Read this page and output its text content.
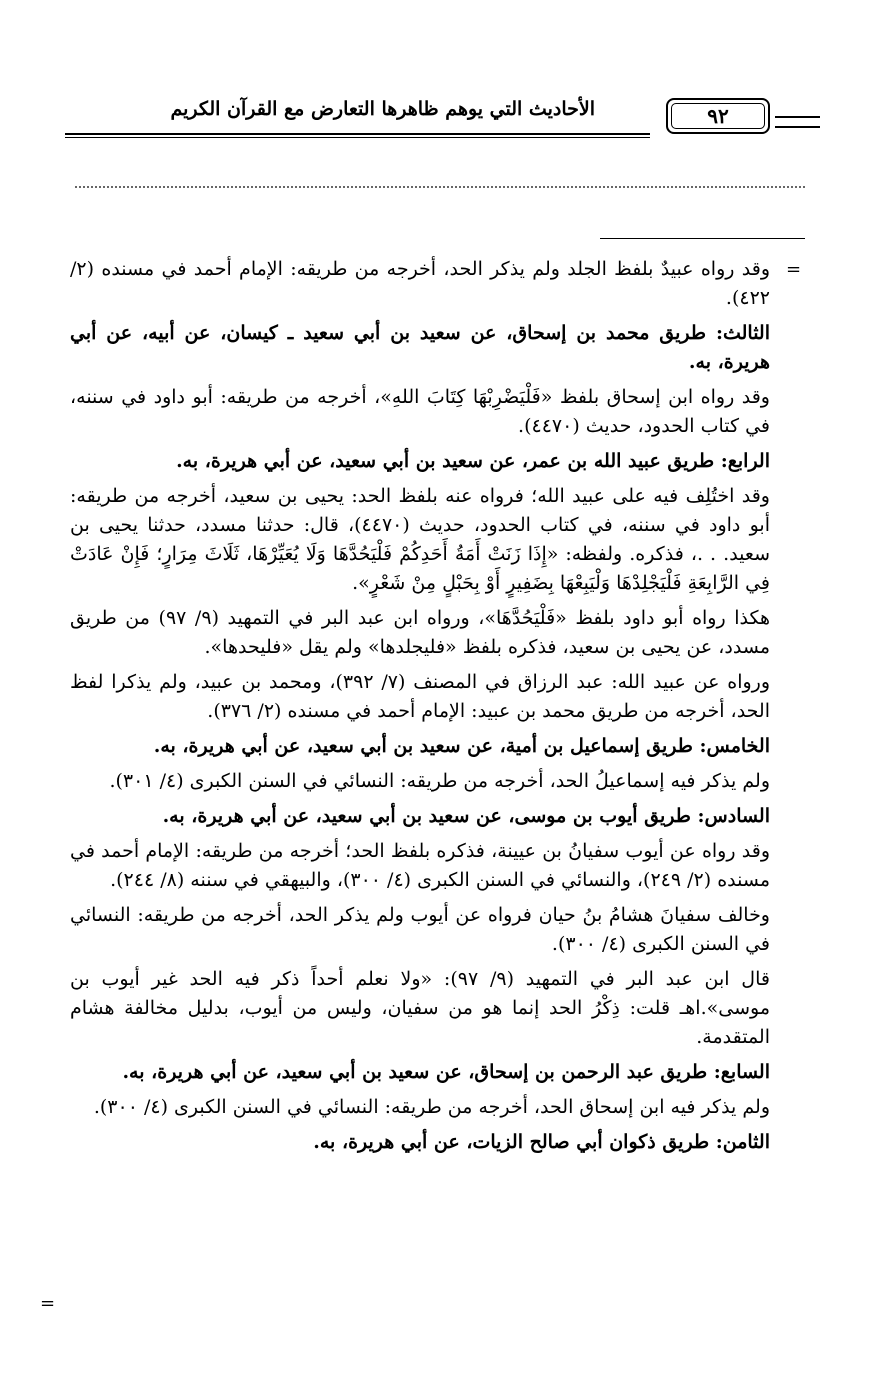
الأحاديث التي يوهم ظاهرها التعارض مع القرآن الكريم	٩٢
=

وقد رواه عبيدٌ بلفظ الجلد ولم يذكر الحد، أخرجه من طريقه: الإمام أحمد في مسنده (٢/ ٤٢٢).

الثالث: طريق محمد بن إسحاق، عن سعيد بن أبي سعيد ـ كيسان، عن أبيه، عن أبي هريرة، به.

وقد رواه ابن إسحاق بلفظ «فَلْيَضْرِبْهَا كِتَابَ اللهِ»، أخرجه من طريقه: أبو داود في سننه، في كتاب الحدود، حديث (٤٤٧٠).

الرابع: طريق عبيد الله بن عمر، عن سعيد بن أبي سعيد، عن أبي هريرة، به.

وقد اختُلِف فيه على عبيد الله؛ فرواه عنه بلفظ الحد: يحيى بن سعيد، أخرجه من طريقه: أبو داود في سننه، في كتاب الحدود، حديث (٤٤٧٠)، قال: حدثنا مسدد، حدثنا يحيى بن سعيد. . .، فذكره. ولفظه: «إِذَا زَنَتْ أَمَةُ أَحَدِكُمْ فَلْيَحُدَّهَا وَلَا يُعَيِّرْهَا، ثَلَاثَ مِرَارٍ؛ فَإِنْ عَادَتْ فِي الرَّابِعَةِ فَلْيَجْلِدْهَا وَلْيَبِعْهَا بِضَفِيرٍ أَوْ بِحَبْلٍ مِنْ شَعْرٍ».

هكذا رواه أبو داود بلفظ «فَلْيَحُدَّهَا»، ورواه ابن عبد البر في التمهيد (٩/ ٩٧) من طريق مسدد، عن يحيى بن سعيد، فذكره بلفظ «فليجلدها» ولم يقل «فليحدها».

ورواه عن عبيد الله: عبد الرزاق في المصنف (٧/ ٣٩٢)، ومحمد بن عبيد، ولم يذكرا لفظ الحد، أخرجه من طريق محمد بن عبيد: الإمام أحمد في مسنده (٢/ ٣٧٦).

الخامس: طريق إسماعيل بن أمية، عن سعيد بن أبي سعيد، عن أبي هريرة، به.

ولم يذكر فيه إسماعيلُ الحد، أخرجه من طريقه: النسائي في السنن الكبرى (٤/ ٣٠١).

السادس: طريق أيوب بن موسى، عن سعيد بن أبي سعيد، عن أبي هريرة، به.

وقد رواه عن أيوب سفيانُ بن عيينة، فذكره بلفظ الحد؛ أخرجه من طريقه: الإمام أحمد في مسنده (٢/ ٢٤٩)، والنسائي في السنن الكبرى (٤/ ٣٠٠)، والبيهقي في سننه (٨/ ٢٤٤).

وخالف سفيانَ هشامُ بنُ حيان فرواه عن أيوب ولم يذكر الحد، أخرجه من طريقه: النسائي في السنن الكبرى (٤/ ٣٠٠).

قال ابن عبد البر في التمهيد (٩/ ٩٧): «ولا نعلم أحداً ذكر فيه الحد غير أيوب بن موسى».اهـ قلت: ذِكْرُ الحد إنما هو من سفيان، وليس من أيوب، بدليل مخالفة هشام المتقدمة.

السابع: طريق عبد الرحمن بن إسحاق، عن سعيد بن أبي سعيد، عن أبي هريرة، به.

ولم يذكر فيه ابن إسحاق الحد، أخرجه من طريقه: النسائي في السنن الكبرى (٤/ ٣٠٠).

الثامن: طريق ذكوان أبي صالح الزيات، عن أبي هريرة، به.

=
